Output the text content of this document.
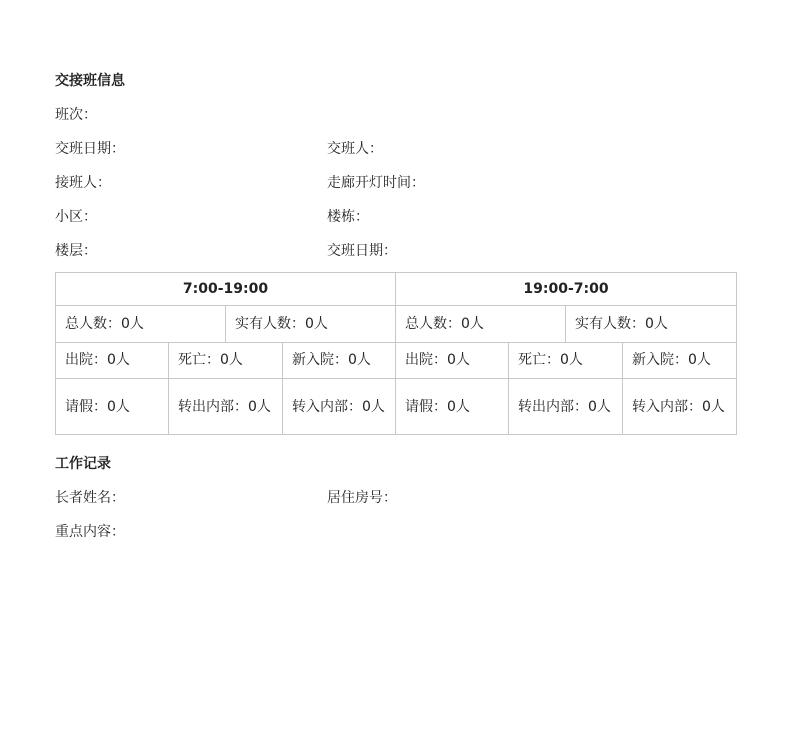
交接班信息
班次：
交班日期：	交班人：
接班人：	走廊开灯时间：
小区：	楼栋：
楼层：	交班日期：
7:00-19:00		19:00-7:00	
总人数：0人	实有人数：0人	总人数：0人	实有人数：0人
出院：0人	死亡：0人	新入院：0人	出院：0人	死亡：0人	新入院：0人
请假：0人	转出内部：0人	转入内部：0人	请假：0人	转出内部：0人	转入内部：0人
工作记录
长者姓名：	居住房号：
重点内容：
